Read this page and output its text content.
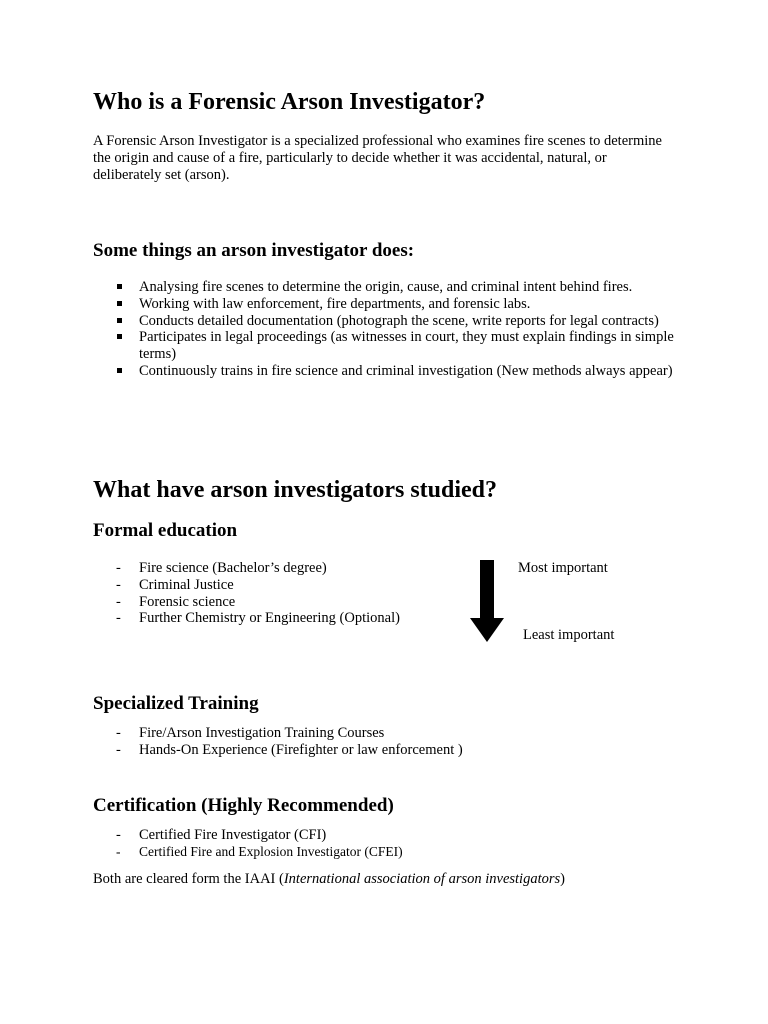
Who is a Forensic Arson Investigator?

A Forensic Arson Investigator is a specialized professional who examines fire scenes to determine the origin and cause of a fire, particularly to decide whether it was accidental, natural, or deliberately set (arson).

Some things an arson investigator does:
Analysing fire scenes to determine the origin, cause, and criminal intent behind fires.
Working with law enforcement, fire departments, and forensic labs.
Conducts detailed documentation (photograph the scene, write reports for legal contracts)
Participates in legal proceedings (as witnesses in court, they must explain findings in simple terms)
Continuously trains in fire science and criminal investigation (New methods always appear)
What have arson investigators studied?
Formal education
- Fire science (Bachelor’s degree)
- Criminal Justice
- Forensic science
- Further Chemistry or Engineering (Optional)
Specialized Training
- Fire/Arson Investigation Training Courses
- Hands-On Experience (Firefighter or law enforcement )
Certification (Highly Recommended)
- Certified Fire Investigator (CFI)
- Certified Fire and Explosion Investigator (CFEI)

Both are cleared form the IAAI (International association of arson investigators)

Most important
Least important
